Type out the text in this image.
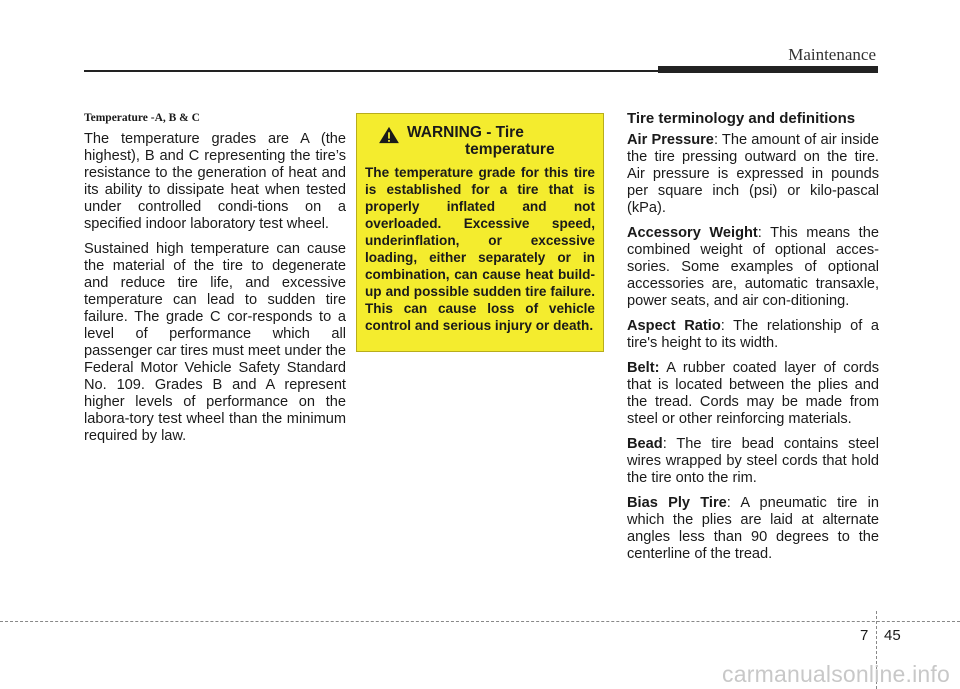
Maintenance
Temperature -A, B & C

The temperature grades are A (the highest), B and C representing the tire’s resistance to the generation of heat and its ability to dissipate heat when tested under controlled condi-tions on a specified indoor laboratory test wheel.

Sustained high temperature can cause the material of the tire to degenerate and reduce tire life, and excessive temperature can lead to sudden tire failure. The grade C cor-responds to a level of performance which all passenger car tires must meet under the Federal Motor Vehicle Safety Standard No. 109. Grades B and A represent higher levels of performance on the labora-tory test wheel than the minimum required by law.

WARNING - Tire
temperature

The temperature grade for this tire is established for a tire that is properly inflated and not overloaded. Excessive speed, underinflation, or excessive loading, either separately or in combination, can cause heat build-up and possible sudden tire failure. This can cause loss of vehicle control and serious injury or death.

Tire terminology and definitions

Air Pressure: The amount of air inside the tire pressing outward on the tire. Air pressure is expressed in pounds per square inch (psi) or kilo-pascal (kPa).

Accessory Weight: This means the combined weight of optional acces-sories. Some examples of optional accessories are, automatic transaxle, power seats, and air con-ditioning.

Aspect Ratio: The relationship of a tire's height to its width.

Belt: A rubber coated layer of cords that is located between the plies and the tread. Cords may be made from steel or other reinforcing materials.

Bead: The tire bead contains steel wires wrapped by steel cords that hold the tire onto the rim.

Bias Ply Tire: A pneumatic tire in which the plies are laid at alternate angles less than 90 degrees to the centerline of the tread.

7 45
carmanualsonline.info
